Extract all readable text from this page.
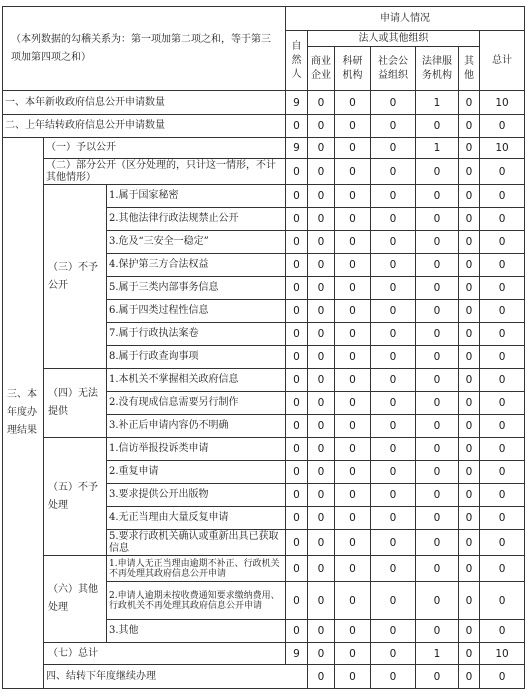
（本列数据的勾稽关系为：第一项加第二项之和，等于第三项加第四项之和）			申请人情况							

			自然人	法人或其他组织					总计	

				商业企业	科研机构	社会公益组织	法律服务机构	其他		

一、本年新收政府信息公开申请数量			9	0	0	0	1	0	10	
二、上年结转政府信息公开申请数量			0	0	0	0	0	0	0	

三、本年度办理结果	（一）予以公开		9	0	0	0	1	0	10	
	（二）部分公开（区分处理的，只计这一情形，不计其他情形）		0	0	0	0	0	0	0	

	（三）不予公开	1.属于国家秘密	0	0	0	0	0	0	0	
		2.其他法律行政法规禁止公开	0	0	0	0	0	0	0	
		3.危及“三安全一稳定”	0	0	0	0	0	0	0	
		4.保护第三方合法权益	0	0	0	0	0	0	0	
		5.属于三类内部事务信息	0	0	0	0	0	0	0	
		6.属于四类过程性信息	0	0	0	0	0	0	0	
		7.属于行政执法案卷	0	0	0	0	0	0	0	
		8.属于行政查询事项	0	0	0	0	0	0	0	

	（四）无法提供	1.本机关不掌握相关政府信息	0	0	0	0	0	0	0	
		2.没有现成信息需要另行制作	0	0	0	0	0	0	0	
		3.补正后申请内容仍不明确	0	0	0	0	0	0	0	

	（五）不予处理	1.信访举报投诉类申请	0	0	0	0	0	0	0	
		2.重复申请	0	0	0	0	0	0	0	
		3.要求提供公开出版物	0	0	0	0	0	0	0	
		4.无正当理由大量反复申请	0	0	0	0	0	0	0	
		5.要求行政机关确认或重新出具已获取信息	0	0	0	0	0	0	0	

	（六）其他处理	1.申请人无正当理由逾期不补正、行政机关不再处理其政府信息公开申请	0	0	0	0	0	0	0	
		2.申请人逾期未按收费通知要求缴纳费用、行政机关不再处理其政府信息公开申请	0	0	0	0	0	0	0	
		3.其他	0	0	0	0	0	0	0	
	（七）总计		9	0	0	0	1	0	10	
	四、结转下年度继续办理			0	0	0	0	0	0	
